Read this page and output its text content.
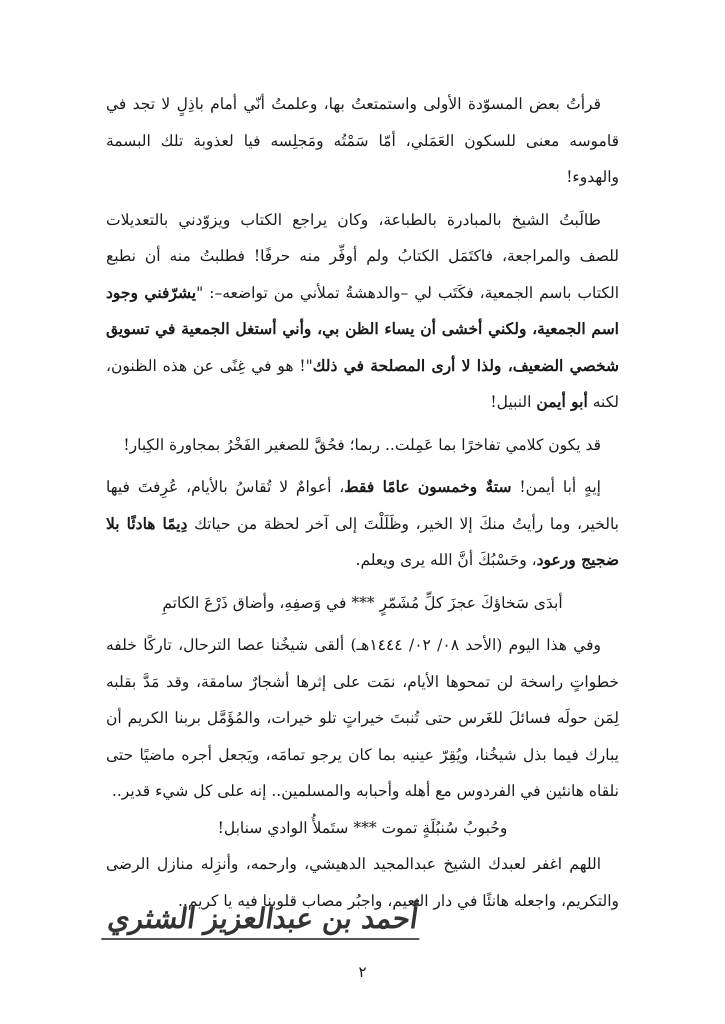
قرأتُ بعض المسوّدة الأولى واستمتعتُ بها، وعلمتُ أنّي أمام باذِلٍ لا تجد في قاموسه معنى للسكون العَمَلي، أمّا سَمْتُه ومَجلِسه فيا لعذوبة تلك البسمة والهدوء!

طالَبتُ الشيخ بالمبادرة بالطباعة، وكان يراجع الكتاب ويزوّدني بالتعديلات للصف والمراجعة، فاكتَمَل الكتابُ ولم أوفِّر منه حرفًا! فطلبتُ منه أن نطبع الكتاب باسم الجمعية، فكَتَب لي –والدهشةُ تملأني من تواضعه–: "يشرّفني وجود اسم الجمعية، ولكني أخشى أن يساء الظن بي، وأني أستغل الجمعية في تسويق شخصي الضعيف، ولذا لا أرى المصلحة في ذلك"! هو في غِنًى عن هذه الظنون، لكنه أبو أيمن النبيل!

قد يكون كلامي تفاخرًا بما عَمِلت.. ربما؛ فحُقَّ للصغير الفَخْرُ بمجاورة الكِبار!

إيهٍ أبا أيمن! ستةٌ وخمسون عامًا فقط، أعوامٌ لا تُقاسُ بالأيام، عُرِفتَ فيها بالخير، وما رأيتُ منكَ إلا الخير، وظَلَلْتَ إلى آخر لحظة من حياتك دِيمًا هادئًا بلا ضجيج ورعود، وحَسْبُكَ أنَّ الله يرى ويعلم.

أبدَى سَخاؤكَ عجزَ كلِّ مُشَمّرٍ *** في وَصفِهِ، وأضاق ذَرْعَ الكاتمِ

وفي هذا اليوم (الأحد ٠٨/ ٠٢/ ١٤٤٤هـ) ألقى شيخُنا عصا الترحال، تاركًا خلفه خطواتٍ راسخة لن تمحوها الأيام، نمَت على إثرها أشجارٌ سامقة، وقد مَدَّ بقلبه لِمَن حولَه فسائلَ للغَرس حتى تُنبتَ خيراتٍ تلو خيرات، والمُؤَمَّل بربنا الكريم أن يبارك فيما بذل شيخُنا، ويُقِرّ عينيه بما كان يرجو تمامَه، ويَجعل أجره ماضيًا حتى نلقاه هانئين في الفردوس مع أهله وأحبابه والمسلمين.. إنه على كل شيء قدير..

وحُبوبُ سُنبُلَةٍ تموت *** ستَملأُ الوادي سنابل!

اللهم اغفر لعبدك الشيخ عبدالمجيد الدهيشي، وارحمه، وأنزِله منازل الرضى والتكريم، واجعله هانئًا في دار النعيم، واجبُر مصاب قلوبنا فيه يا كريم..

أحمد بن عبدالعزيز الشثري
٢
